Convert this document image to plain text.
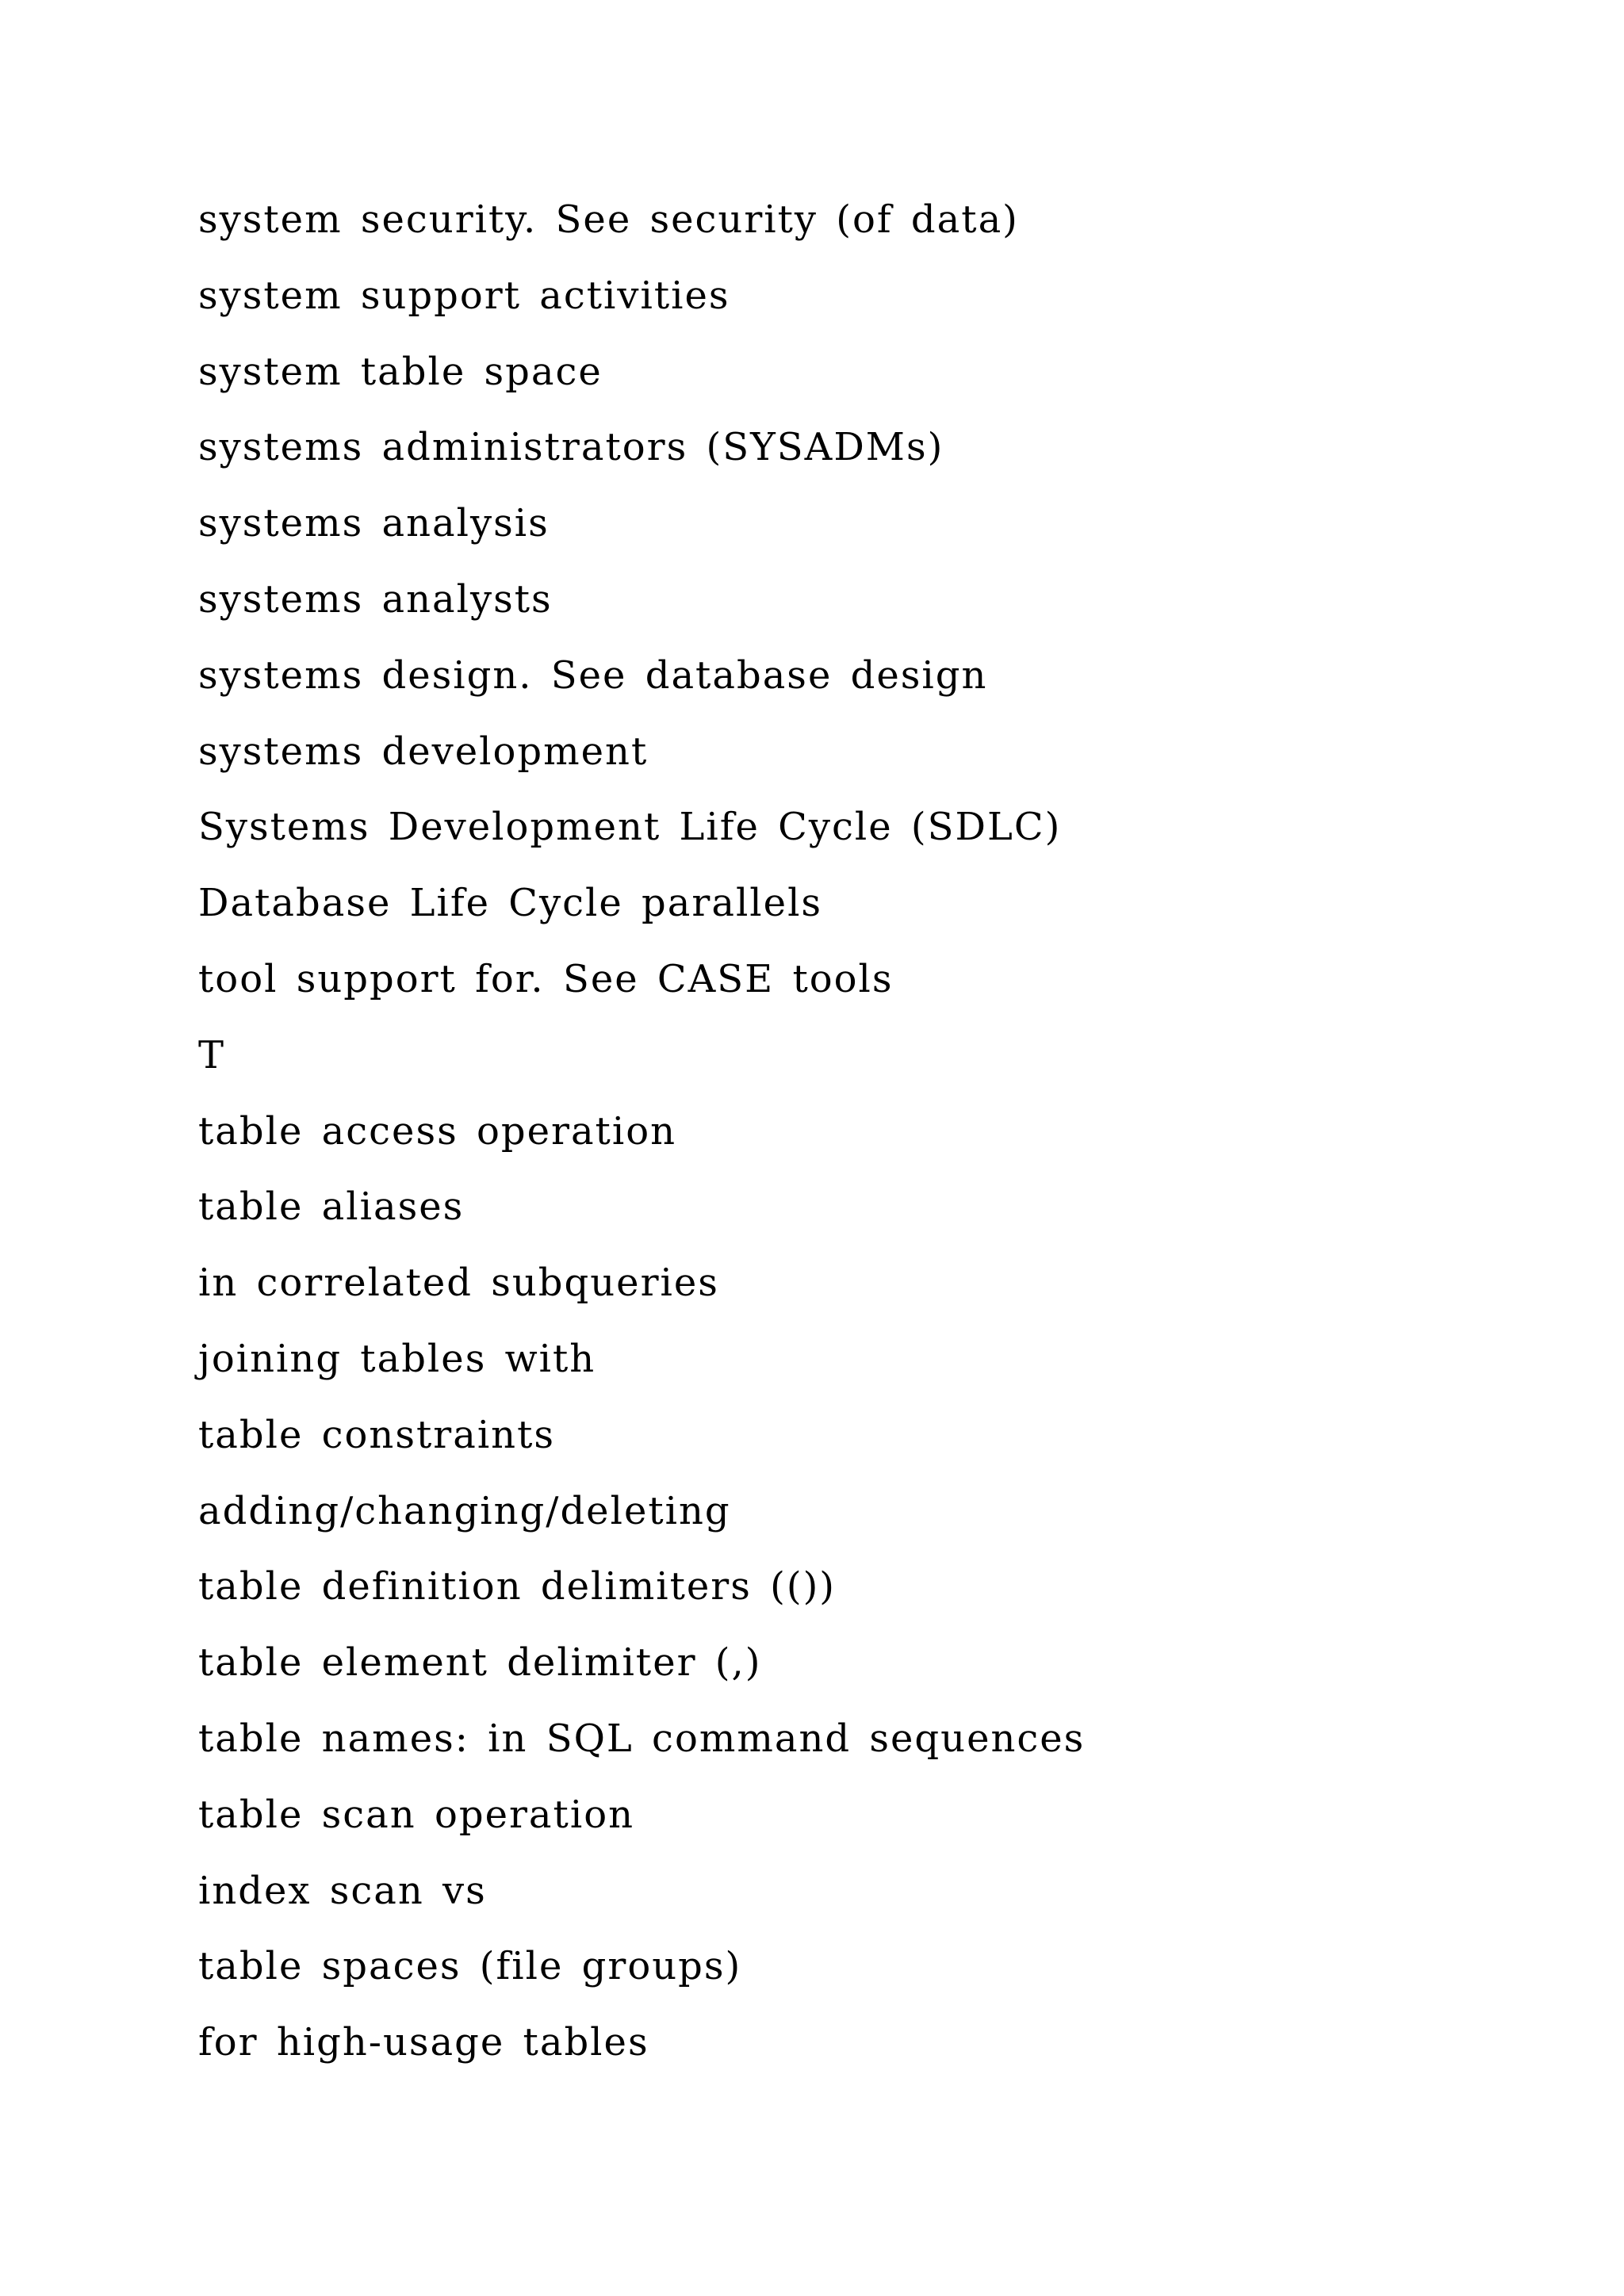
system security. See security (of data)
system support activities
system table space
systems administrators (SYSADMs)
systems analysis
systems analysts
systems design. See database design
systems development
Systems Development Life Cycle (SDLC)
Database Life Cycle parallels
tool support for. See CASE tools
T
table access operation
table aliases
in correlated subqueries
joining tables with
table constraints
adding/changing/deleting
table definition delimiters (())
table element delimiter (,)
table names: in SQL command sequences
table scan operation
index scan vs
table spaces (file groups)
for high-usage tables
